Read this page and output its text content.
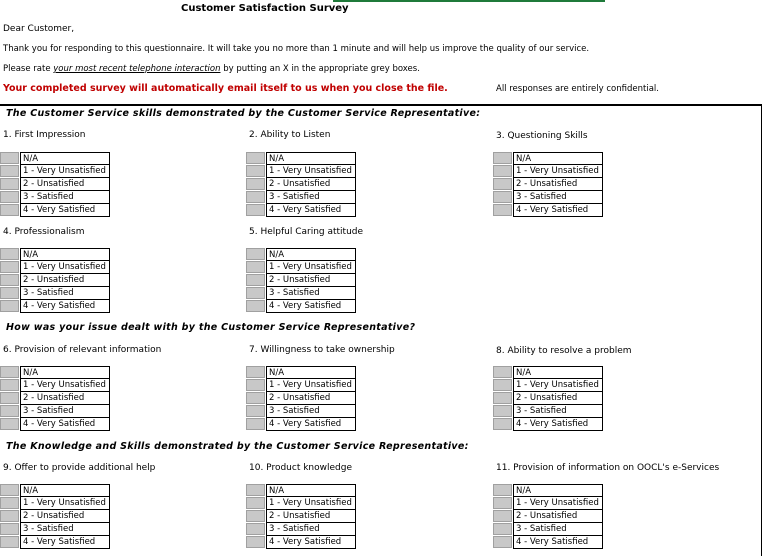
Customer Satisfaction Survey
Dear Customer,
Thank you for responding to this questionnaire. It will take you no more than 1 minute and will help us improve the quality of our service.
Please rate your most recent telephone interaction by putting an X in the appropriate grey boxes.
Your completed survey will automatically email itself to us when you close the file.	All responses are entirely confidential.
The Customer Service skills demonstrated by the Customer Service Representative:
How was your issue dealt with by the Customer Service Representative?
The Knowledge and Skills demonstrated by the Customer Service Representative:
1. First Impression	2. Ability to Listen	3. Questioning Skills
4. Professionalism	5. Helpful Caring attitude
6. Provision of relevant information	7. Willingness to take ownership	8. Ability to resolve a problem
9. Offer to provide additional help	10. Product knowledge	11. Provision of information on OOCL's e-Services
N/A
1 - Very Unsatisfied
2 - Unsatisfied
3 - Satisfied
4 - Very Satisfied
N/A
1 - Very Unsatisfied
2 - Unsatisfied
3 - Satisfied
4 - Very Satisfied
N/A
1 - Very Unsatisfied
2 - Unsatisfied
3 - Satisfied
4 - Very Satisfied
N/A
1 - Very Unsatisfied
2 - Unsatisfied
3 - Satisfied
4 - Very Satisfied
N/A
1 - Very Unsatisfied
2 - Unsatisfied
3 - Satisfied
4 - Very Satisfied
N/A
1 - Very Unsatisfied
2 - Unsatisfied
3 - Satisfied
4 - Very Satisfied
N/A
1 - Very Unsatisfied
2 - Unsatisfied
3 - Satisfied
4 - Very Satisfied
N/A
1 - Very Unsatisfied
2 - Unsatisfied
3 - Satisfied
4 - Very Satisfied
N/A
1 - Very Unsatisfied
2 - Unsatisfied
3 - Satisfied
4 - Very Satisfied
N/A
1 - Very Unsatisfied
2 - Unsatisfied
3 - Satisfied
4 - Very Satisfied
N/A
1 - Very Unsatisfied
2 - Unsatisfied
3 - Satisfied
4 - Very Satisfied
